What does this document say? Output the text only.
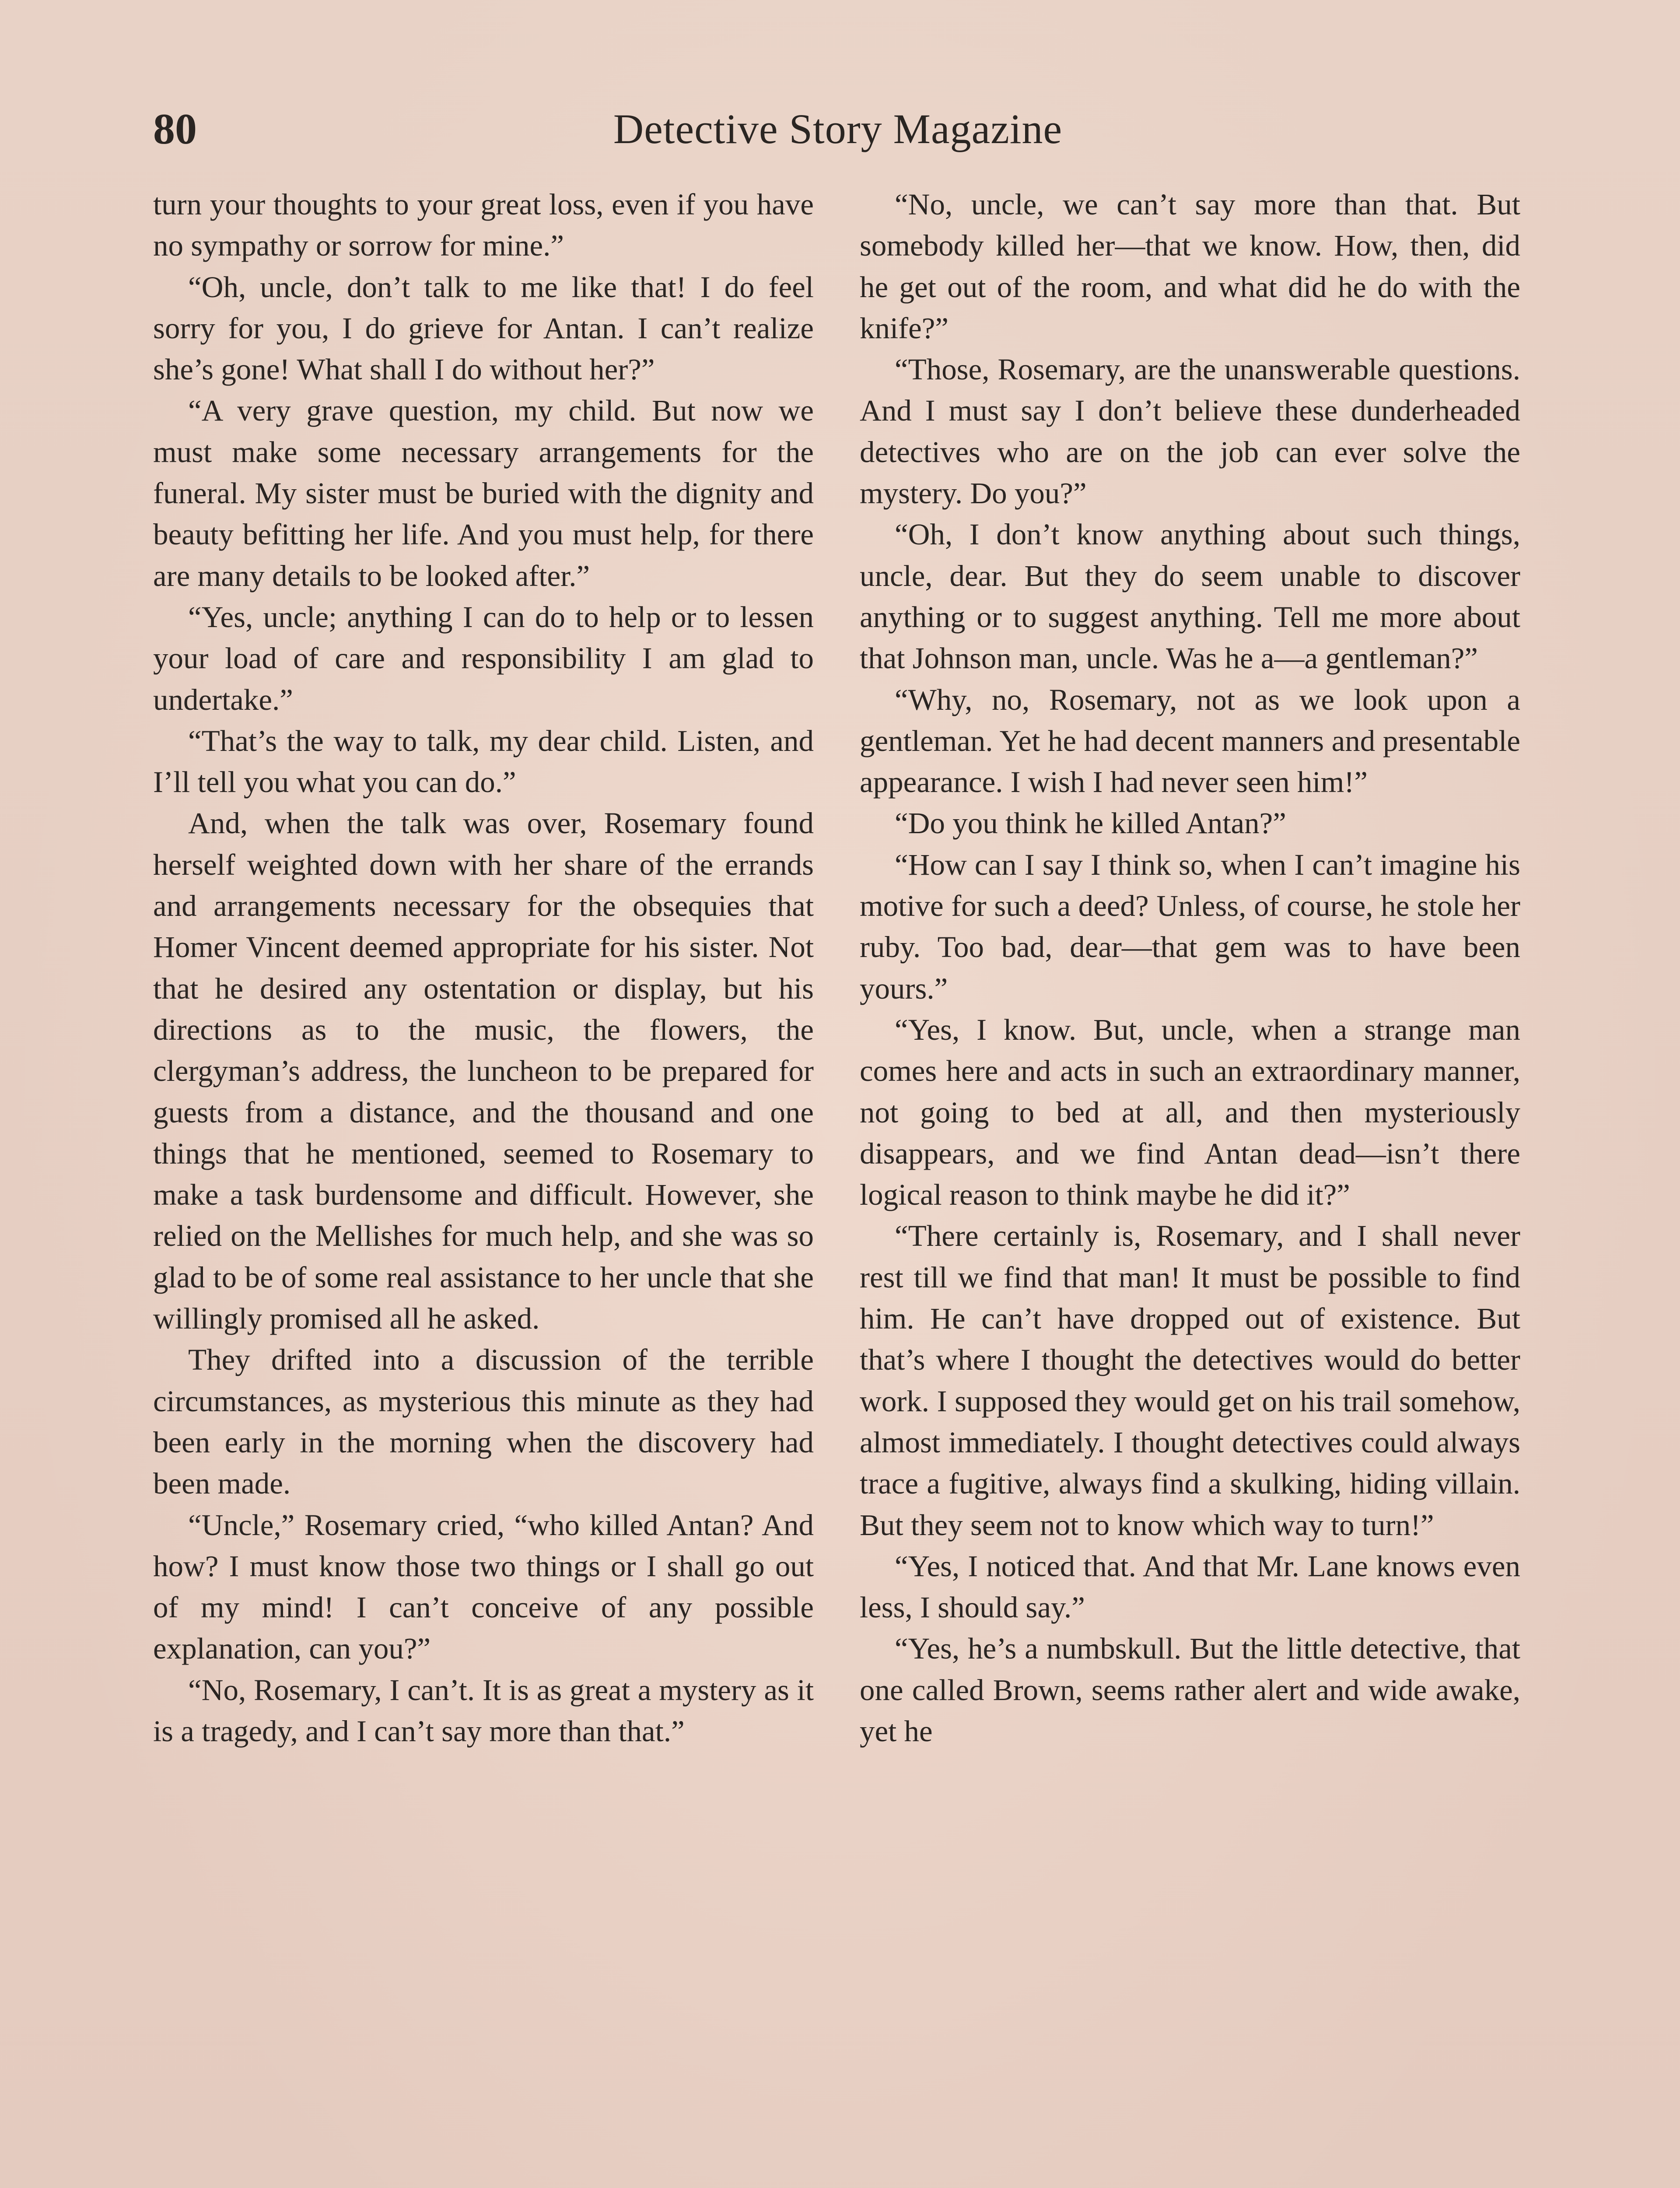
80	Detective Story Magazine

turn your thoughts to your great loss, even if you have no sympathy or sorrow for mine.”

“Oh, uncle, don’t talk to me like that! I do feel sorry for you, I do grieve for Antan. I can’t realize she’s gone! What shall I do without her?”

“A very grave question, my child. But now we must make some necessary arrangements for the funeral. My sister must be buried with the dignity and beauty befitting her life. And you must help, for there are many details to be looked after.”

“Yes, uncle; anything I can do to help or to lessen your load of care and responsibility I am glad to undertake.”

“That’s the way to talk, my dear child. Listen, and I’ll tell you what you can do.”

And, when the talk was over, Rosemary found herself weighted down with her share of the errands and arrangements necessary for the obsequies that Homer Vincent deemed appropriate for his sister. Not that he desired any ostentation or display, but his directions as to the music, the flowers, the clergyman’s address, the luncheon to be prepared for guests from a distance, and the thousand and one things that he mentioned, seemed to Rosemary to make a task burdensome and difficult. However, she relied on the Mellishes for much help, and she was so glad to be of some real assistance to her uncle that she willingly promised all he asked.

They drifted into a discussion of the terrible circumstances, as mysterious this minute as they had been early in the morning when the discovery had been made.

“Uncle,” Rosemary cried, “who killed Antan? And how? I must know those two things or I shall go out of my mind! I can’t conceive of any possible explanation, can you?”

“No, Rosemary, I can’t. It is as great a mystery as it is a tragedy, and I can’t say more than that.”

“No, uncle, we can’t say more than that. But somebody killed her—that we know. How, then, did he get out of the room, and what did he do with the knife?”

“Those, Rosemary, are the unanswerable questions. And I must say I don’t believe these dunderheaded detectives who are on the job can ever solve the mystery. Do you?”

“Oh, I don’t know anything about such things, uncle, dear. But they do seem unable to discover anything or to suggest anything. Tell me more about that Johnson man, uncle. Was he a—a gentleman?”

“Why, no, Rosemary, not as we look upon a gentleman. Yet he had decent manners and presentable appearance. I wish I had never seen him!”

“Do you think he killed Antan?”

“How can I say I think so, when I can’t imagine his motive for such a deed? Unless, of course, he stole her ruby. Too bad, dear—that gem was to have been yours.”

“Yes, I know. But, uncle, when a strange man comes here and acts in such an extraordinary manner, not going to bed at all, and then mysteriously disappears, and we find Antan dead—isn’t there logical reason to think maybe he did it?”

“There certainly is, Rosemary, and I shall never rest till we find that man! It must be possible to find him. He can’t have dropped out of existence. But that’s where I thought the detectives would do better work. I supposed they would get on his trail somehow, almost immediately. I thought detectives could always trace a fugitive, always find a skulking, hiding villain. But they seem not to know which way to turn!”

“Yes, I noticed that. And that Mr. Lane knows even less, I should say.”

“Yes, he’s a numbskull. But the little detective, that one called Brown, seems rather alert and wide awake, yet he
